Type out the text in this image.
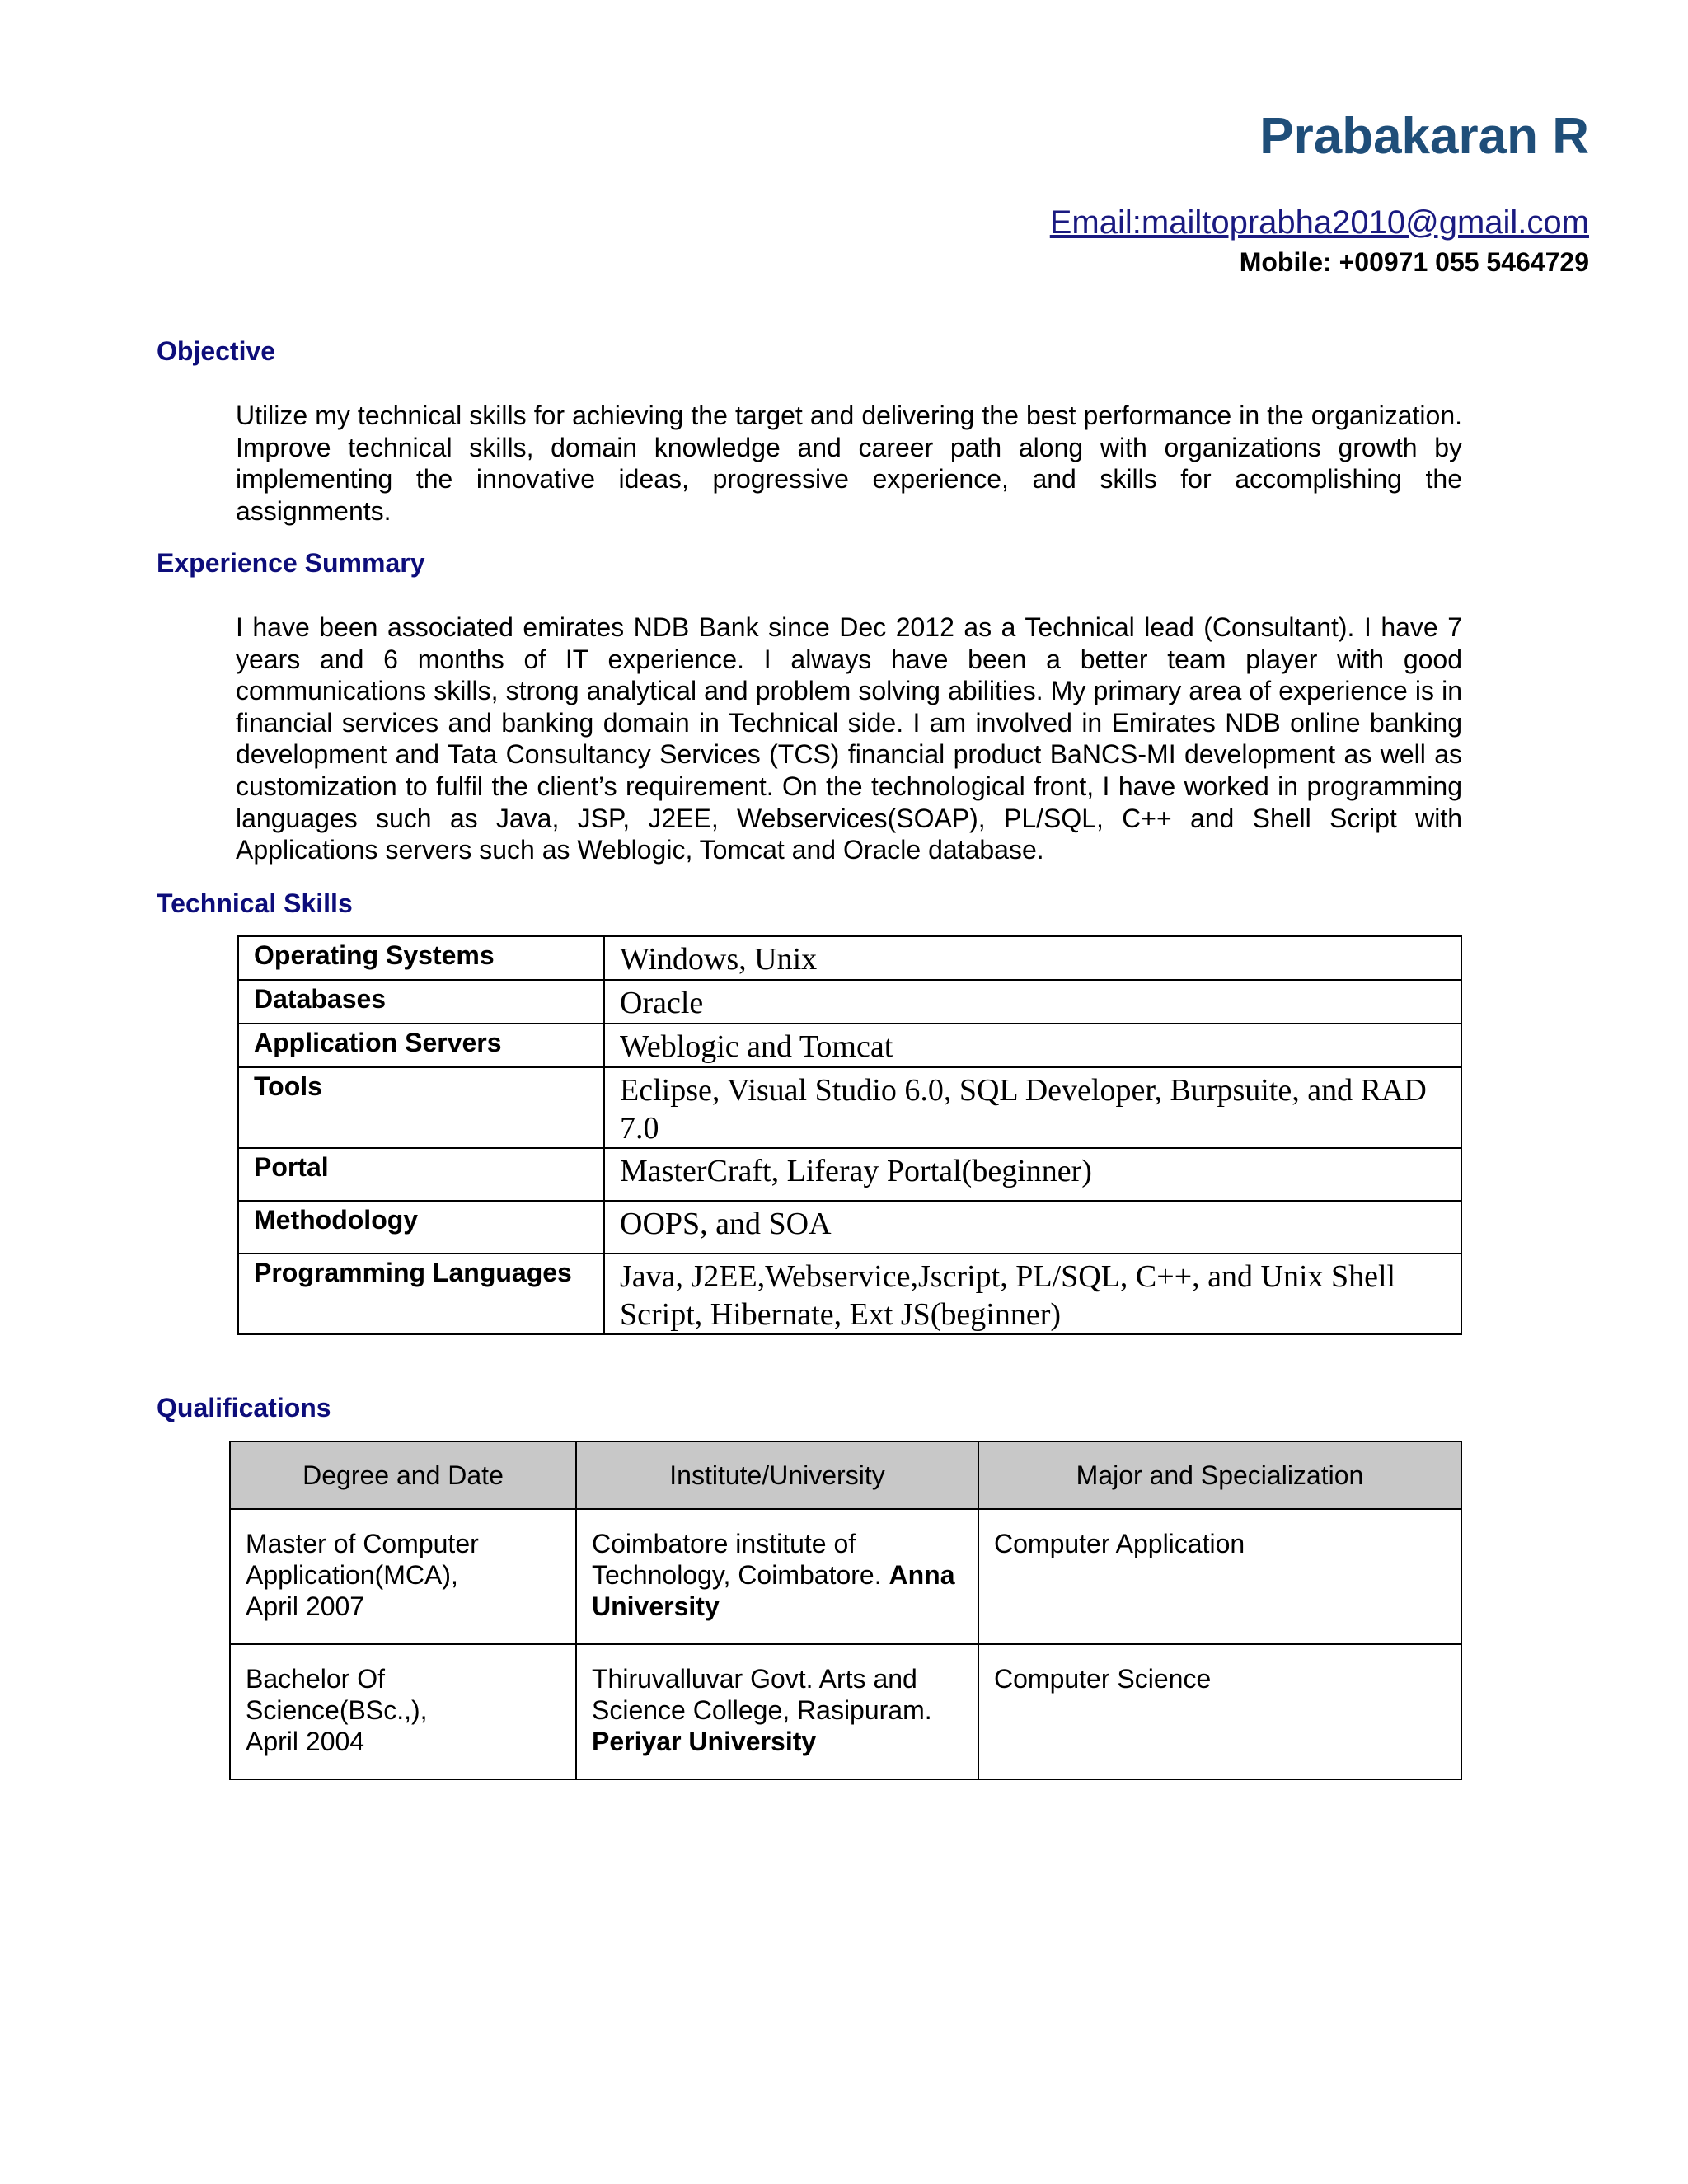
Prabakaran R
Email:mailtoprabha2010@gmail.com
Mobile: +00971 055 5464729
Objective
Utilize my technical skills for achieving the target and delivering the best performance in the organization. Improve technical skills, domain knowledge and career path along with organizations growth by implementing the innovative ideas, progressive experience, and skills for accomplishing the assignments.
Experience Summary
I have been associated emirates NDB Bank since Dec 2012 as a Technical lead (Consultant). I have 7 years and 6 months of IT experience. I always have been a better team player with good communications skills, strong analytical and problem solving abilities. My primary area of experience is in financial services and banking domain in Technical side. I am involved in Emirates NDB online banking development and Tata Consultancy Services (TCS) financial product BaNCS-MI development as well as customization to fulfil the client’s requirement. On the technological front, I have worked in programming languages such as Java, JSP, J2EE, Webservices(SOAP), PL/SQL, C++ and Shell Script with Applications servers such as Weblogic, Tomcat and Oracle database.
Technical Skills
Operating Systems	Windows, Unix
Databases	Oracle
Application Servers	Weblogic and Tomcat
Tools	Eclipse, Visual Studio 6.0, SQL Developer, Burpsuite, and RAD 7.0
Portal	MasterCraft, Liferay Portal(beginner)
Methodology	OOPS, and SOA
Programming Languages	Java, J2EE,Webservice,Jscript, PL/SQL, C++, and Unix Shell Script, Hibernate, Ext JS(beginner)
Qualifications
Degree and Date	Institute/University	Major and Specialization

Master of Computer Application(MCA),
April 2007	Coimbatore institute of Technology, Coimbatore. Anna University	Computer Application

Bachelor Of Science(BSc.,),
April 2004	Thiruvalluvar Govt. Arts and Science College, Rasipuram. Periyar University	Computer Science
